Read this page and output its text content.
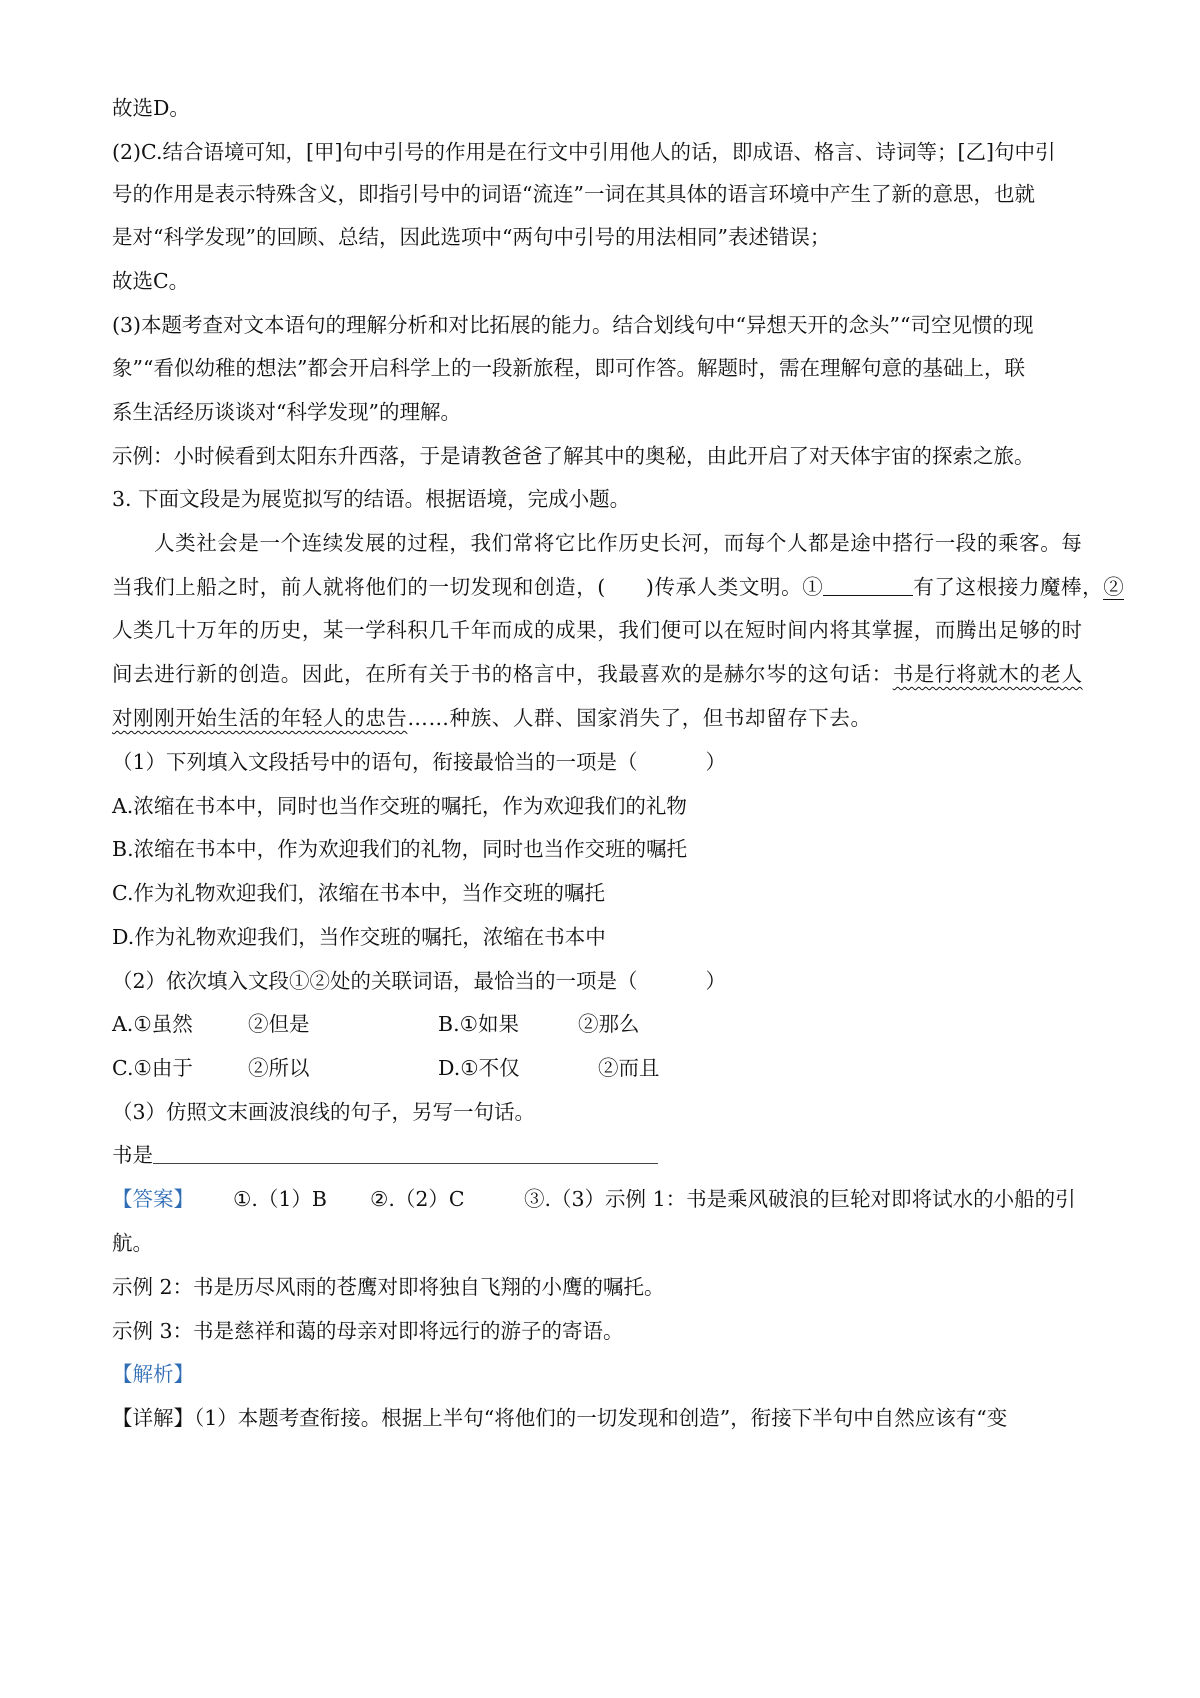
故选D。
(2)C.结合语境可知，[甲]句中引号的作用是在行文中引用他人的话，即成语、格言、诗词等；[乙]句中引
号的作用是表示特殊含义，即指引号中的词语“流连”一词在其具体的语言环境中产生了新的意思，也就
是对“科学发现”的回顾、总结，因此选项中“两句中引号的用法相同”表述错误；
故选C。
(3)本题考查对文本语句的理解分析和对比拓展的能力。结合划线句中“异想天开的念头”“司空见惯的现
象”“看似幼稚的想法”都会开启科学上的一段新旅程，即可作答。解题时，需在理解句意的基础上，联
系生活经历谈谈对“科学发现”的理解。
示例：小时候看到太阳东升西落，于是请教爸爸了解其中的奥秘，由此开启了对天体宇宙的探索之旅。
3. 下面文段是为展览拟写的结语。根据语境，完成小题。
人类社会是一个连续发展的过程，我们常将它比作历史长河，而每个人都是途中搭行一段的乘客。每
当我们上船之时，前人就将他们的一切发现和创造，( )传承人类文明。①	有了这根接力魔棒，②
人类几十万年的历史，某一学科积几千年而成的成果，我们便可以在短时间内将其掌握，而腾出足够的时
间去进行新的创造。因此，在所有关于书的格言中，我最喜欢的是赫尔岑的这句话：书是行将就木的老人
对刚刚开始生活的年轻人的忠告……种族、人群、国家消失了，但书却留存下去。
（1）下列填入文段括号中的语句，衔接最恰当的一项是（	）
A.浓缩在书本中，同时也当作交班的嘱托，作为欢迎我们的礼物
B.浓缩在书本中，作为欢迎我们的礼物，同时也当作交班的嘱托
C.作为礼物欢迎我们，浓缩在书本中，当作交班的嘱托
D.作为礼物欢迎我们，当作交班的嘱托，浓缩在书本中
（2）依次填入文段①②处的关联词语，最恰当的一项是（	）
A.①虽然	②但是	B.①如果	②那么
C.①由于	②所以	D.①不仅	②而且
（3）仿照文末画波浪线的句子，另写一句话。
书是
【答案】 ①.（1）B ②.（2）C	③.（3）示例 1：书是乘风破浪的巨轮对即将试水的小船的引
航。
示例 2：书是历尽风雨的苍鹰对即将独自飞翔的小鹰的嘱托。
示例 3：书是慈祥和蔼的母亲对即将远行的游子的寄语。
【解析】
【详解】（1）本题考查衔接。根据上半句“将他们的一切发现和创造”，衔接下半句中自然应该有“变
